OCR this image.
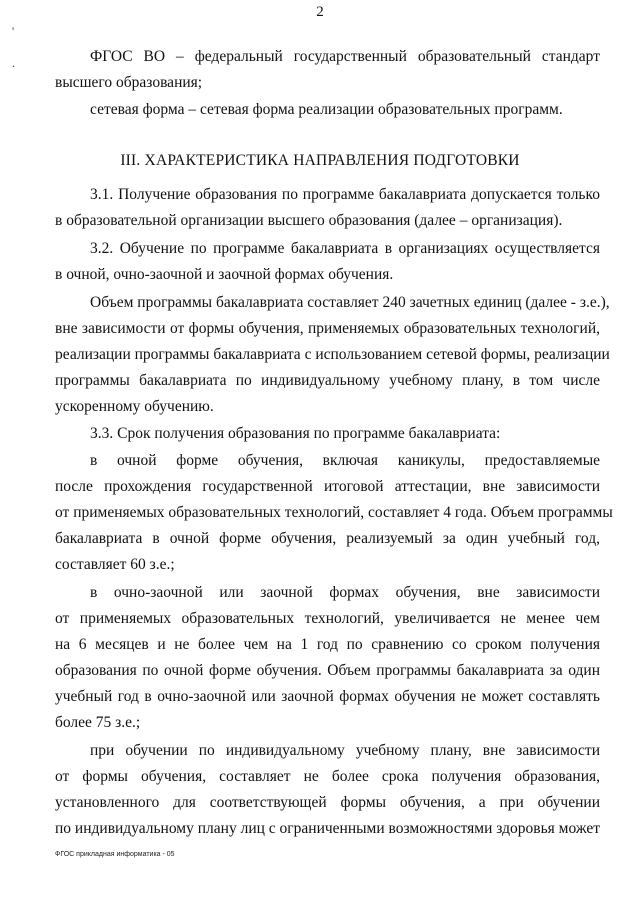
2
'
.	ФГОС ВО – федеральный государственный образовательный стандарт
высшего образования;
сетевая форма – сетевая форма реализации образовательных программ.
III. ХАРАКТЕРИСТИКА НАПРАВЛЕНИЯ ПОДГОТОВКИ
3.1. Получение образования по программе бакалавриата допускается только
в образовательной организации высшего образования (далее – организация).
3.2. Обучение по программе бакалавриата в организациях осуществляется
в очной, очно-заочной и заочной формах обучения.
Объем программы бакалавриата составляет 240 зачетных единиц (далее - з.е.),
вне зависимости от формы обучения, применяемых образовательных технологий,
реализации программы бакалавриата с использованием сетевой формы, реализации
программы бакалавриата по индивидуальному учебному плану, в том числе
ускоренному обучению.
3.3. Срок получения образования по программе бакалавриата:
в очной форме обучения, включая каникулы, предоставляемые
после прохождения государственной итоговой аттестации, вне зависимости
от применяемых образовательных технологий, составляет 4 года. Объем программы
бакалавриата в очной форме обучения, реализуемый за один учебный год,
составляет 60 з.е.;
в очно-заочной или заочной формах обучения, вне зависимости
от применяемых образовательных технологий, увеличивается не менее чем
на 6 месяцев и не более чем на 1 год по сравнению со сроком получения
образования по очной форме обучения. Объем программы бакалавриата за один
учебный год в очно-заочной или заочной формах обучения не может составлять
более 75 з.е.;
при обучении по индивидуальному учебному плану, вне зависимости
от формы обучения, составляет не более срока получения образования,
установленного для соответствующей формы обучения, а при обучении
по индивидуальному плану лиц с ограниченными возможностями здоровья может
ФГОС прикладная информатика - 05
